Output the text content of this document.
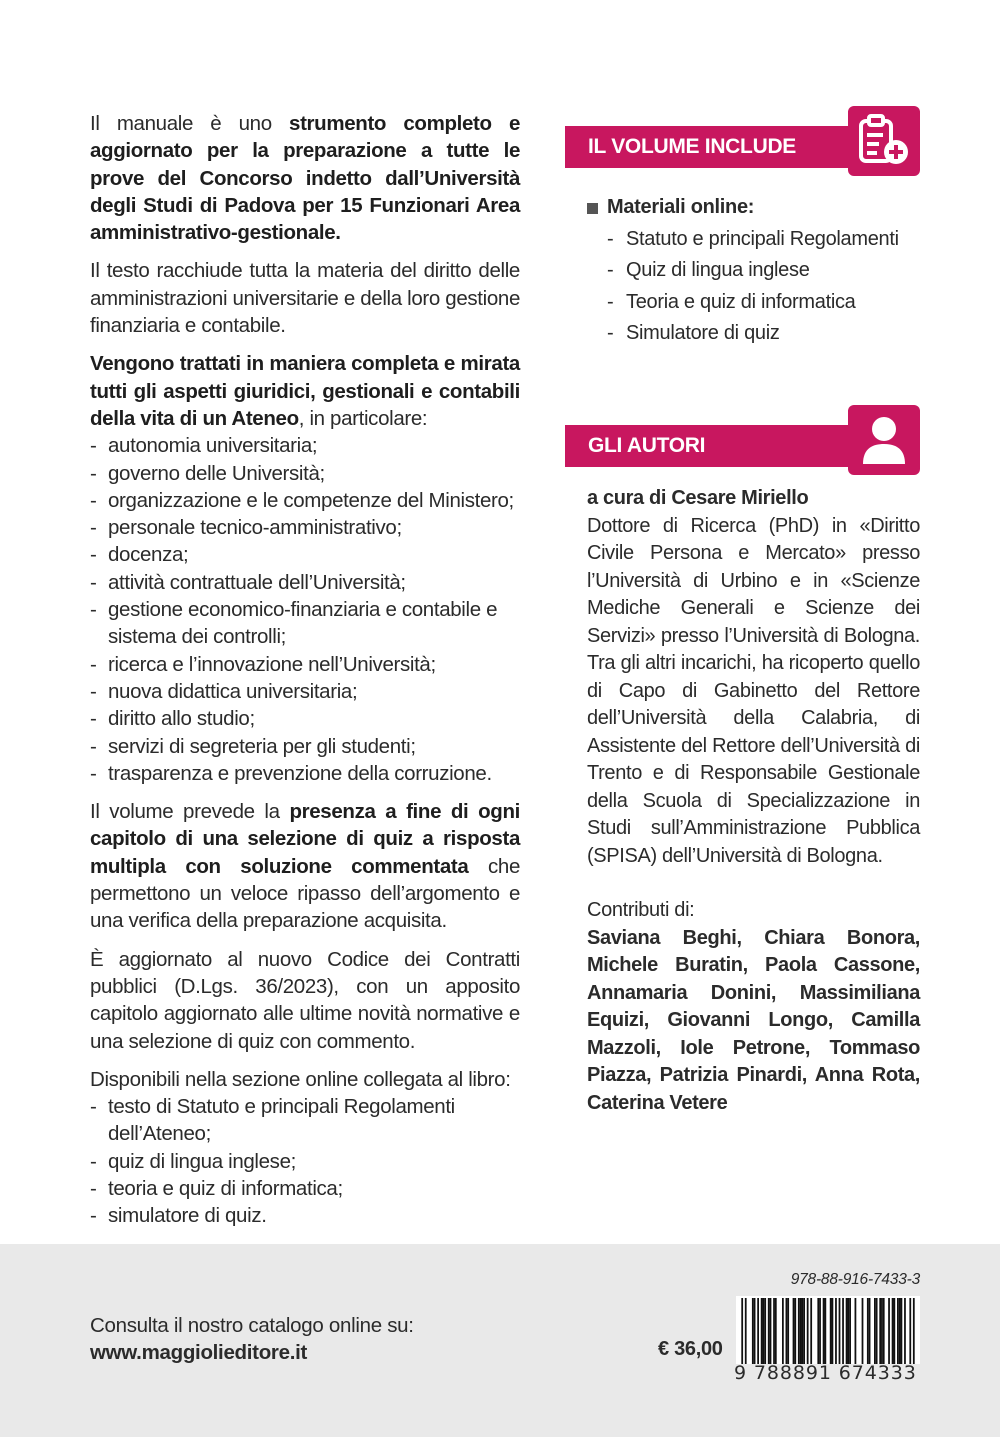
Il manuale è uno strumento completo e aggiornato per la preparazione a tutte le prove del Concorso indetto dall’Università degli Studi di Padova per 15 Funzionari Area amministrativo-gestionale.

Il testo racchiude tutta la materia del diritto delle amministrazioni universitarie e della loro gestione finanziaria e contabile.

Vengono trattati in maniera completa e mirata tutti gli aspetti giuridici, gestionali e contabili della vita di un Ateneo, in particolare:

- autonomia universitaria;
- governo delle Università;
- organizzazione e le competenze del Ministero;
- personale tecnico-amministrativo;
- docenza;
- attività contrattuale dell’Università;
- gestione economico-finanziaria e contabile e sistema dei controlli;
- ricerca e l’innovazione nell’Università;
- nuova didattica universitaria;
- diritto allo studio;
- servizi di segreteria per gli studenti;
- trasparenza e prevenzione della corruzione.

Il volume prevede la presenza a fine di ogni capitolo di una selezione di quiz a risposta multipla con soluzione commentata che permettono un veloce ripasso dell’argomento e una verifica della preparazione acquisita.

È aggiornato al nuovo Codice dei Contratti pubblici (D.Lgs. 36/2023), con un apposito capitolo aggiornato alle ultime novità normative e una selezione di quiz con commento.

Disponibili nella sezione online collegata al libro:

- testo di Statuto e principali Regolamenti dell’Ateneo;
- quiz di lingua inglese;
- teoria e quiz di informatica;
- simulatore di quiz.
IL VOLUME INCLUDE
Materiali online:
- Statuto e principali Regolamenti
- Quiz di lingua inglese
- Teoria e quiz di informatica
- Simulatore di quiz
GLI AUTORI
a cura di Cesare Miriello
Dottore di Ricerca (PhD) in «Diritto Civile Persona e Mercato» presso l’Università di Urbino e in «Scienze Mediche Generali e Scienze dei Servizi» presso l’Università di Bologna. Tra gli altri incarichi, ha ricoperto quello di Capo di Gabinetto del Rettore dell’Università della Calabria, di Assistente del Rettore dell’Università di Trento e di Responsabile Gestionale della Scuola di Specializzazione in Studi sull’Amministrazione Pubblica (SPISA) dell’Università di Bologna.
Contributi di:
Saviana Beghi, Chiara Bonora, Michele Buratin, Paola Cassone, Annamaria Donini, Massimiliana Equizi, Giovanni Longo, Camilla Mazzoli, Iole Petrone, Tommaso Piazza, Patrizia Pinardi, Anna Rota, Caterina Vetere
Consulta il nostro catalogo online su:
www.maggiolieditore.it	€ 36,00
978-88-916-7433-3
9 788891 674333
